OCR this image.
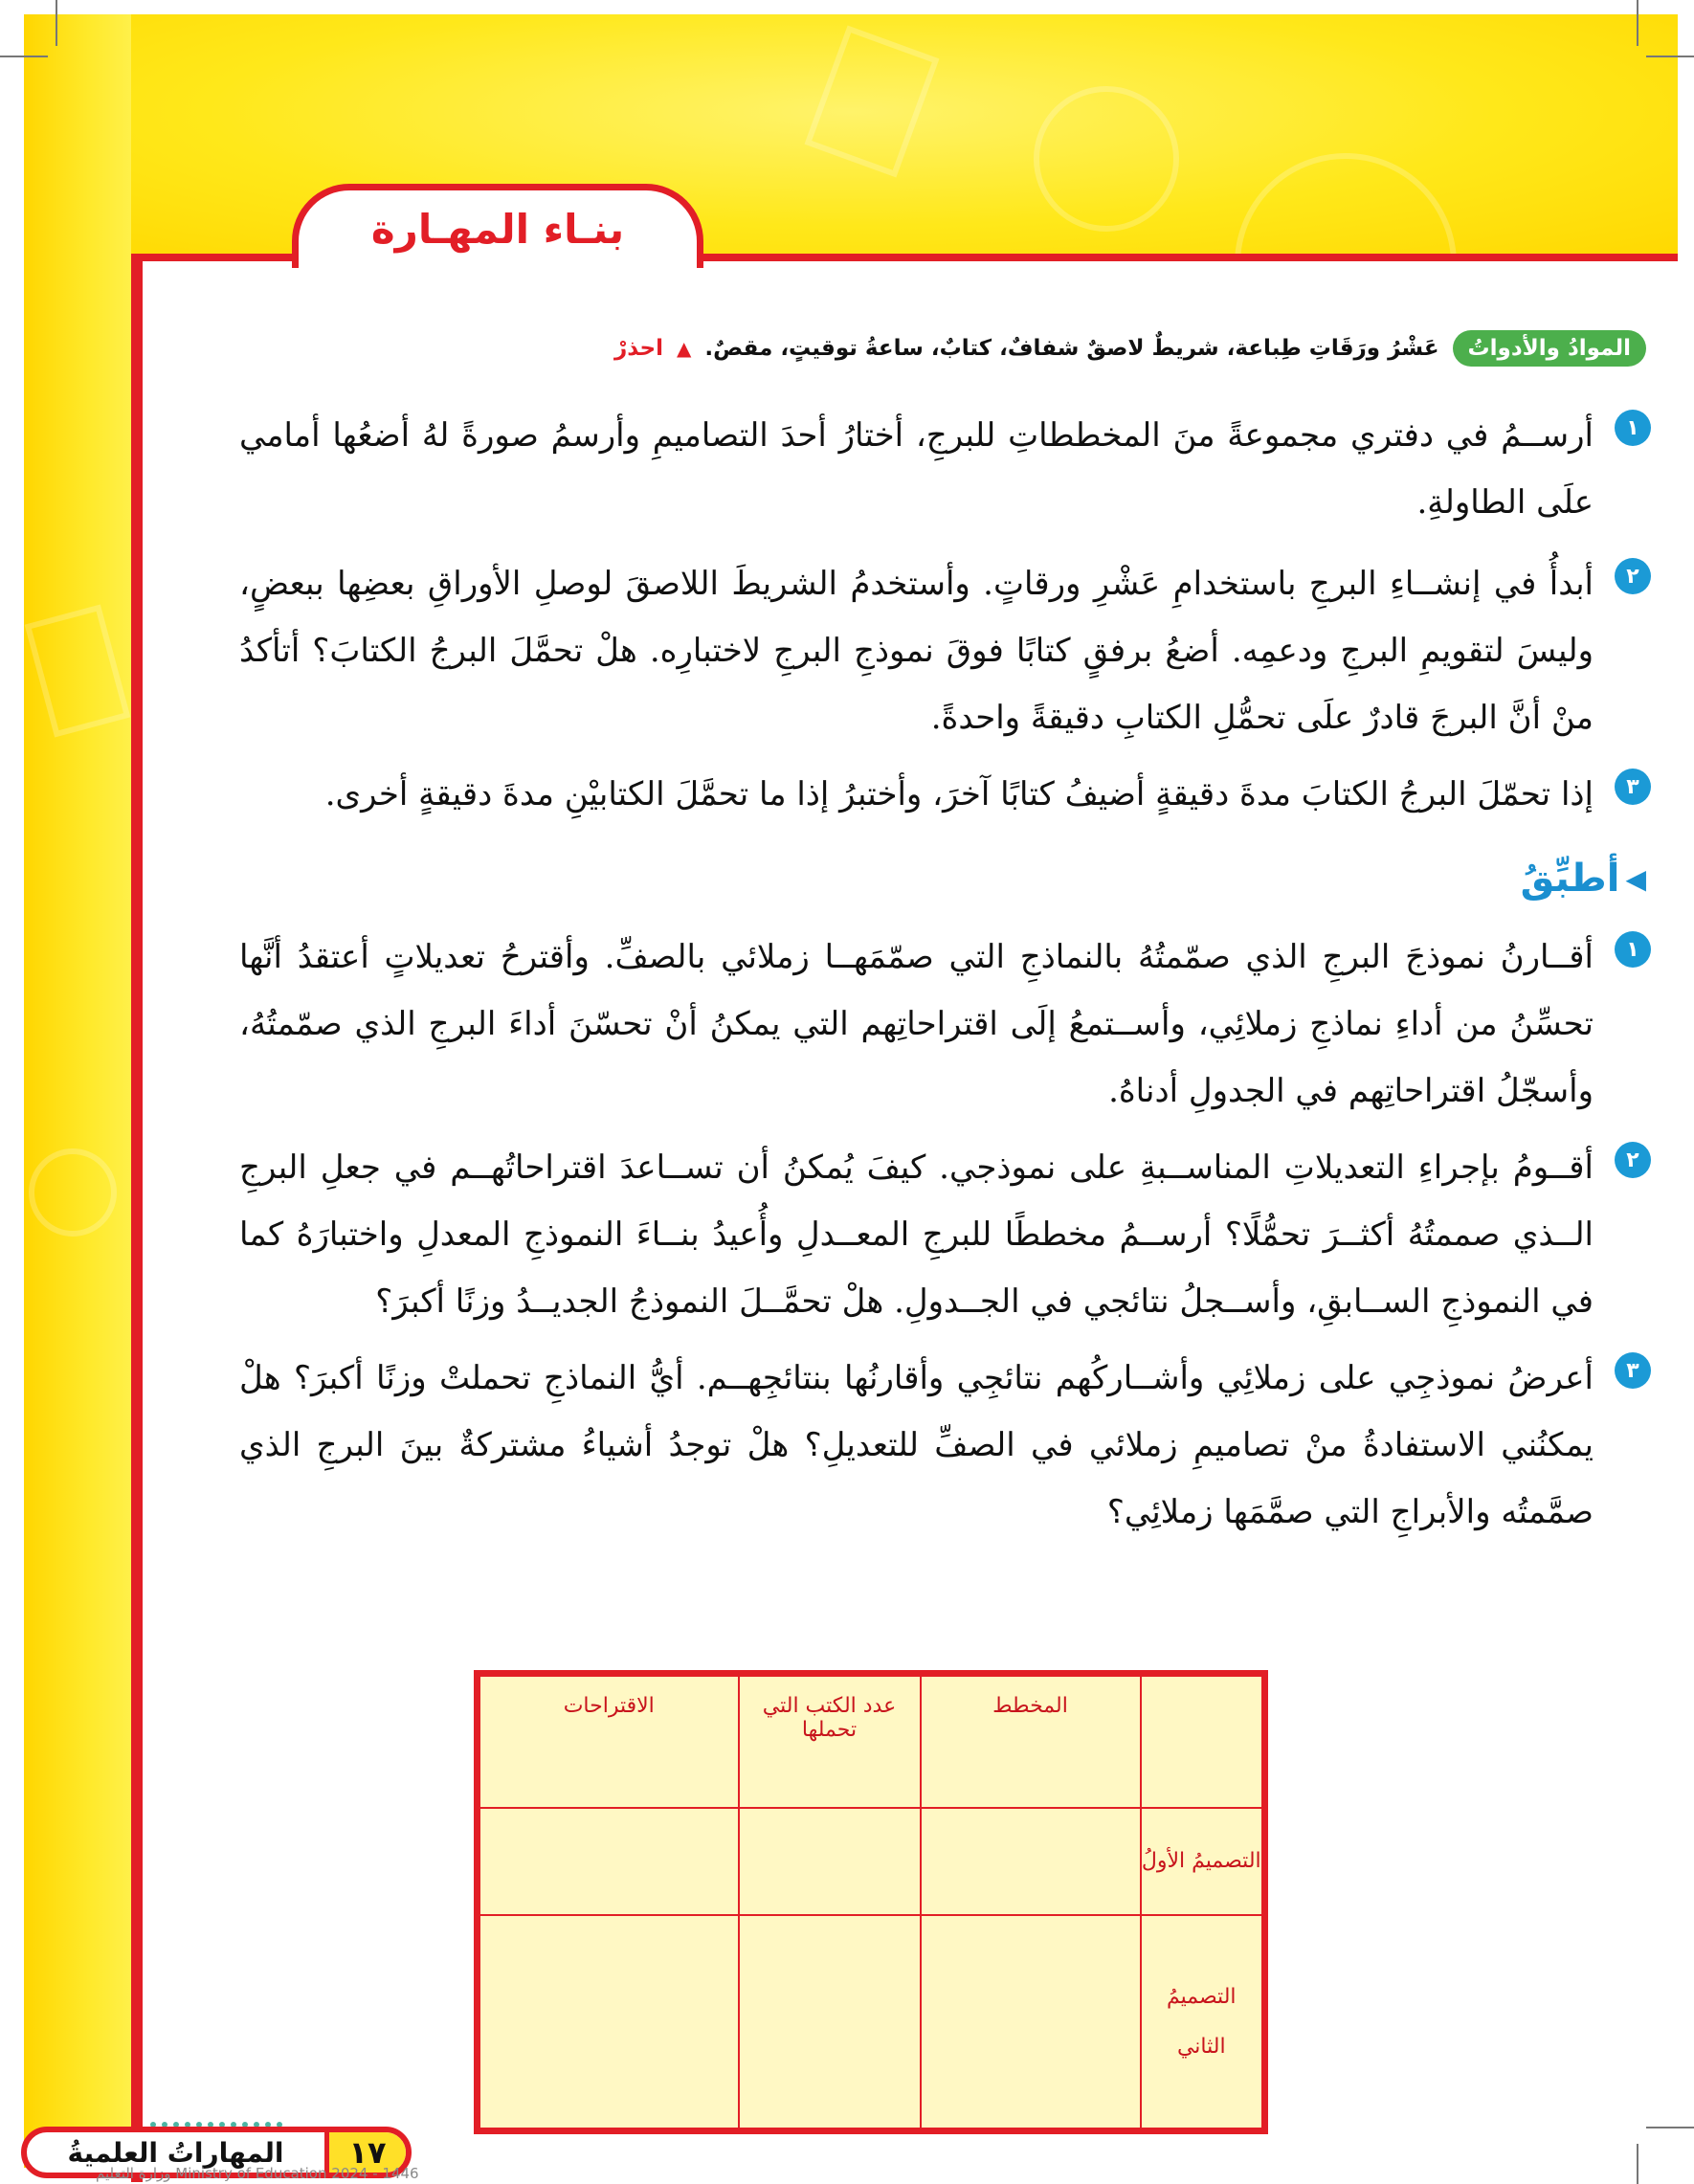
بنـاء المهـارة
الموادُ والأدواتُ
عَشْرُ ورَقَاتِ طِباعة، شريطٌ لاصقٌ شفافٌ، كتابٌ، ساعةُ توقيتٍ، مقصٌ.
▲
احذرْ
١

أرســمُ في دفتري مجموعةً منَ المخططاتِ للبرجِ، أختارُ أحدَ التصاميمِ وأرسمُ صورةً لهُ أضعُها أمامي علَى الطاولةِ.

٢

أبدأُ في إنشــاءِ البرجِ باستخدامِ عَشْرِ ورقاتٍ. وأستخدمُ الشريطَ اللاصقَ لوصلِ الأوراقِ بعضِها ببعضٍ، وليسَ لتقويمِ البرجِ ودعمِه. أضعُ برفقٍ كتابًا فوقَ نموذجِ البرجِ لاختبارِه. هلْ تحمَّلَ البرجُ الكتابَ؟ أتأكدُ منْ أنَّ البرجَ قادرٌ علَى تحمُّلِ الكتابِ دقيقةً واحدةً.

٣

إذا تحمّلَ البرجُ الكتابَ مدةَ دقيقةٍ أضيفُ كتابًا آخرَ، وأختبرُ إذا ما تحمَّلَ الكتابيْنِ مدةَ دقيقةٍ أخرى.

◀
أطبِّقُ
١

أقــارنُ نموذجَ البرجِ الذي صمّمتُهُ بالنماذجِ التي صمّمَهــا زملائي بالصفِّ. وأقترحُ تعديلاتٍ أعتقدُ أنَّها تحسِّنُ من أداءِ نماذجِ زملائِي، وأســتمعُ إلَى اقتراحاتِهم التي يمكنُ أنْ تحسّنَ أداءَ البرجِ الذي صمّمتُهُ، وأسجّلُ اقتراحاتِهم في الجدولِ أدناهُ.

٢

أقــومُ بإجراءِ التعديلاتِ المناســبةِ على نموذجي. كيفَ يُمكنُ أن تســاعدَ اقتراحاتُهــم في جعلِ البرجِ الــذي صممتُهُ أكثــرَ تحمُّلًا؟ أرســمُ مخططًا للبرجِ المعــدلِ وأُعيدُ بنــاءَ النموذجِ المعدلِ واختبارَهُ كما في النموذجِ الســابقِ، وأســجلُ نتائجي في الجــدولِ. هلْ تحمَّــلَ النموذجُ الجديــدُ وزنًا أكبرَ؟

٣

أعرضُ نموذجِي على زملائِي وأشــاركُهم نتائجِي وأقارنُها بنتائجِهــم. أيُّ النماذجِ تحملتْ وزنًا أكبرَ؟ هلْ يمكنُني الاستفادةُ منْ تصاميمِ زملائي في الصفِّ للتعديلِ؟ هلْ توجدُ أشياءُ مشتركةٌ بينَ البرجِ الذي صمَّمتُه والأبراجِ التي صمَّمَها زملائِي؟

	المخطط	عدد الكتب التي تحملها	الاقتراحات
التصميمُ الأولُ			
التصميمُ الثاني			
١٧
المهاراتُ العلميةُ
وزارة التعليم Ministry of Education 2024 - 1446
